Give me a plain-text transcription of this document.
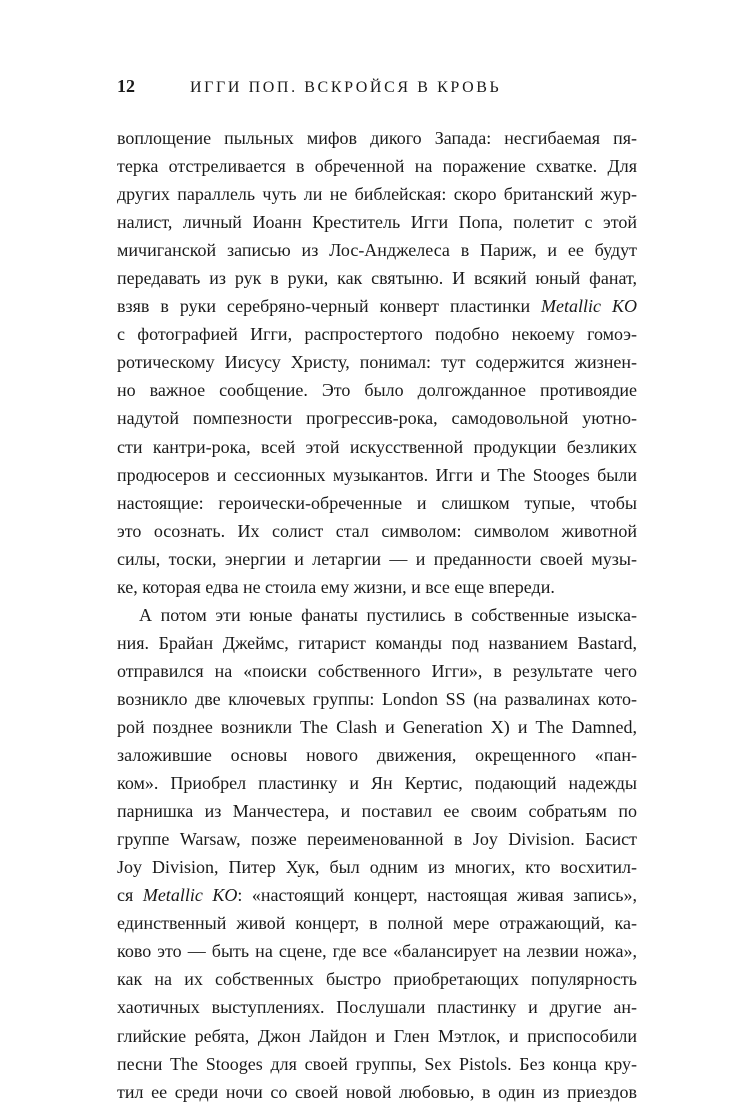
12	ИГГИ ПОП. ВСКРОЙСЯ В КРОВЬ
воплощение пыльных мифов дикого Запада: несгибаемая пя-
терка отстреливается в обреченной на поражение схватке. Для
других параллель чуть ли не библейская: скоро британский жур-
налист, личный Иоанн Креститель Игги Попа, полетит с этой
мичиганской записью из Лос-Анджелеса в Париж, и ее будут
передавать из рук в руки, как святыню. И всякий юный фанат,
взяв в руки серебряно-черный конверт пластинки Metallic KO
с фотографией Игги, распростертого подобно некоему гомоэ-
ротическому Иисусу Христу, понимал: тут содержится жизнен-
но важное сообщение. Это было долгожданное противоядие
надутой помпезности прогрессив-рока, самодовольной уютно-
сти кантри-рока, всей этой искусственной продукции безликих
продюсеров и сессионных музыкантов. Игги и The Stooges были
настоящие: героически-обреченные и слишком тупые, чтобы
это осознать. Их солист стал символом: символом животной
силы, тоски, энергии и летаргии — и преданности своей музы-
ке, которая едва не стоила ему жизни, и все еще впереди.
А потом эти юные фанаты пустились в собственные изыска-
ния. Брайан Джеймс, гитарист команды под названием Bastard,
отправился на «поиски собственного Игги», в результате чего
возникло две ключевых группы: London SS (на развалинах кото-
рой позднее возникли The Clash и Generation X) и The Damned,
заложившие основы нового движения, окрещенного «пан-
ком». Приобрел пластинку и Ян Кертис, подающий надежды
парнишка из Манчестера, и поставил ее своим собратьям по
группе Warsaw, позже переименованной в Joy Division. Басист
Joy Division, Питер Хук, был одним из многих, кто восхитил-
ся Metallic KO: «настоящий концерт, настоящая живая запись»,
единственный живой концерт, в полной мере отражающий, ка-
ково это — быть на сцене, где все «балансирует на лезвии ножа»,
как на их собственных быстро приобретающих популярность
хаотичных выступлениях. Послушали пластинку и другие ан-
глийские ребята, Джон Лайдон и Глен Мэтлок, и приспособили
песни The Stooges для своей группы, Sex Pistols. Без конца кру-
тил ее среди ночи со своей новой любовью, в один из приездов
